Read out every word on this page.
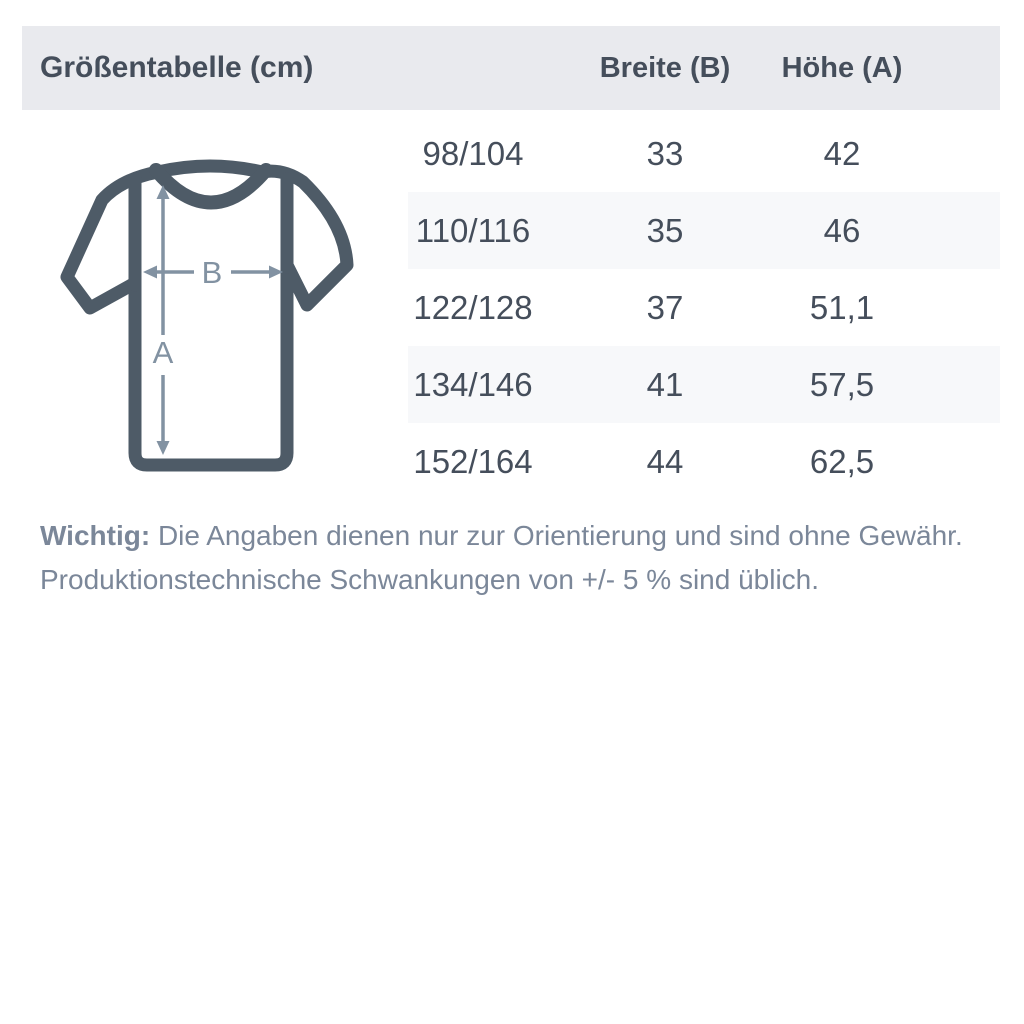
Größentabelle (cm)	Breite (B)	Höhe (A)
98/104	33	42
110/116	35	46
122/128	37	51,1
134/146	41	57,5
152/164	44	62,5
A
B
Wichtig: Die Angaben dienen nur zur Orientierung und sind ohne Gewähr.
Produktionstechnische Schwankungen von +/- 5 % sind üblich.
